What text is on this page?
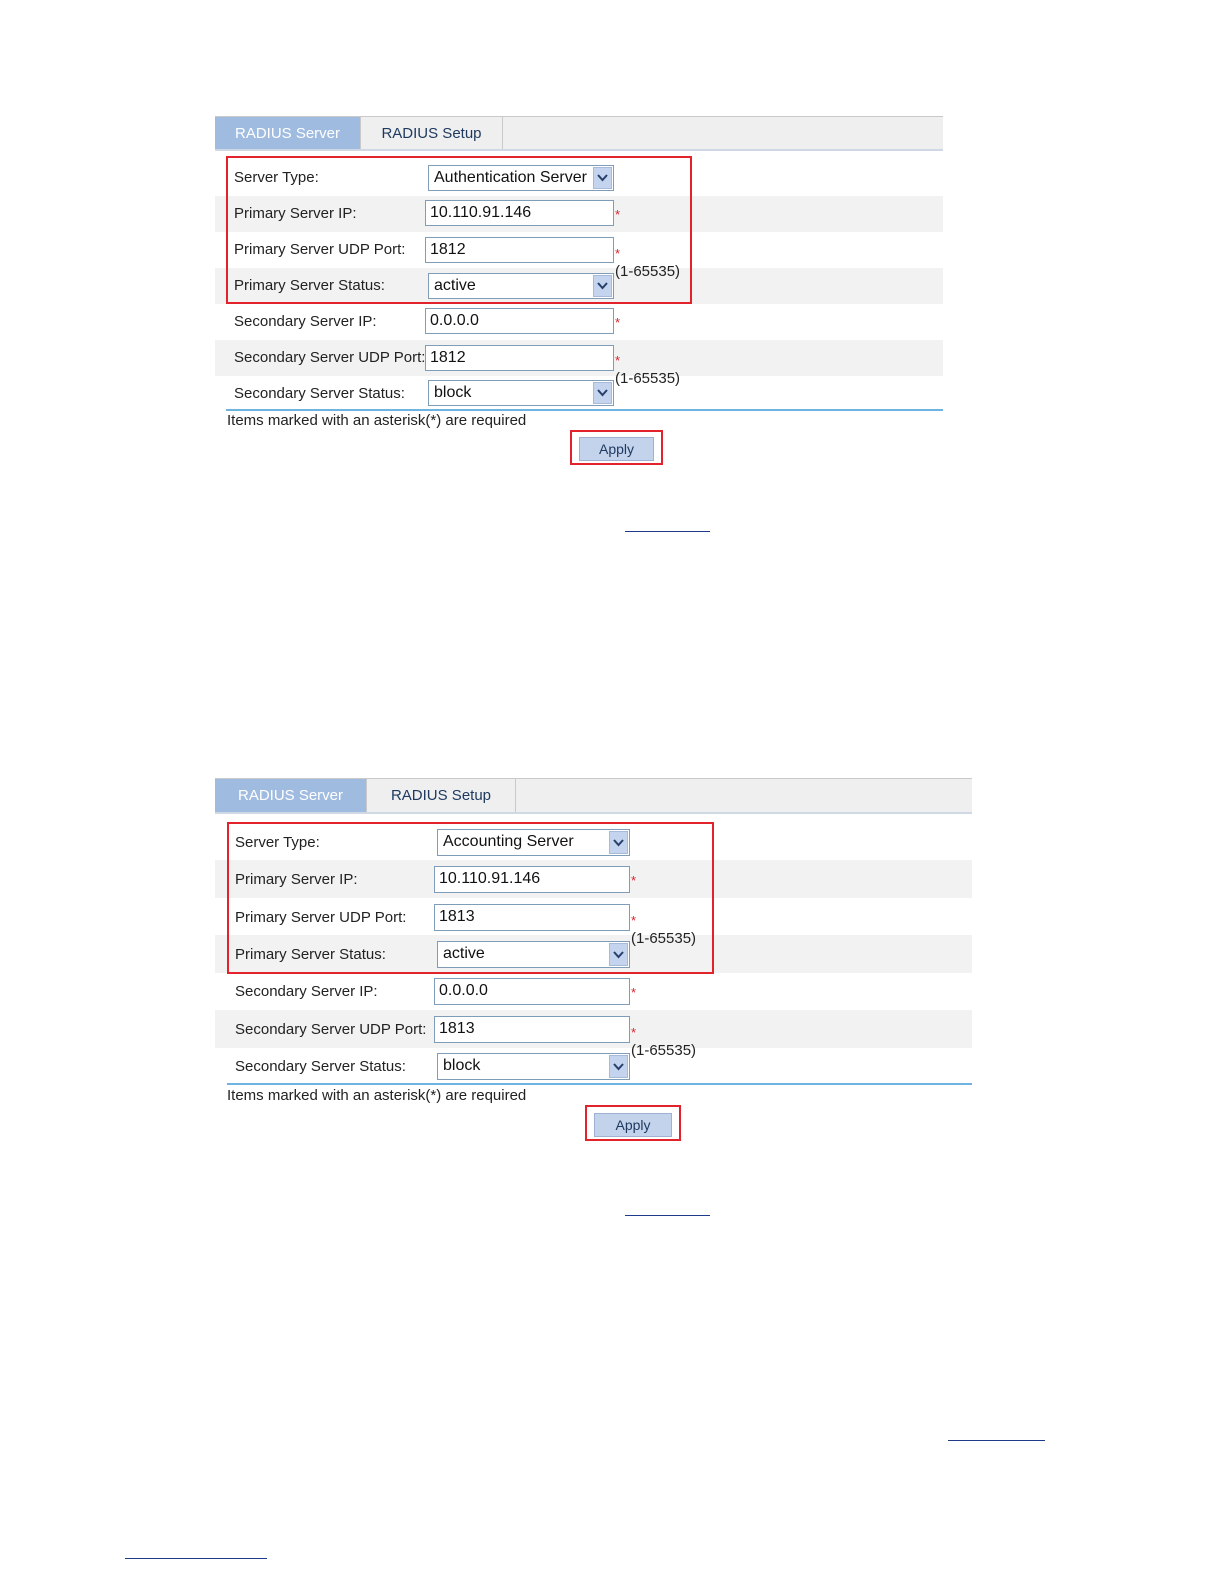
RADIUS Server	RADIUS Setup
Server Type:	Authentication Server
Primary Server IP:	10.110.91.146	*
Primary Server UDP Port:	1812	*(1-65535)
Primary Server Status:	active
Secondary Server IP:	0.0.0.0	*
Secondary Server UDP Port: 1812	*(1-65535)
Secondary Server Status:	block
Items marked with an asterisk(*) are required
Apply
RADIUS Server	RADIUS Setup
Server Type:	Accounting Server
Primary Server IP:	10.110.91.146	*
Primary Server UDP Port:	1813	*(1-65535)
Primary Server Status:	active
Secondary Server IP:	0.0.0.0	*
Secondary Server UDP Port: 1813	*(1-65535)
Secondary Server Status:	block
Items marked with an asterisk(*) are required
Apply
